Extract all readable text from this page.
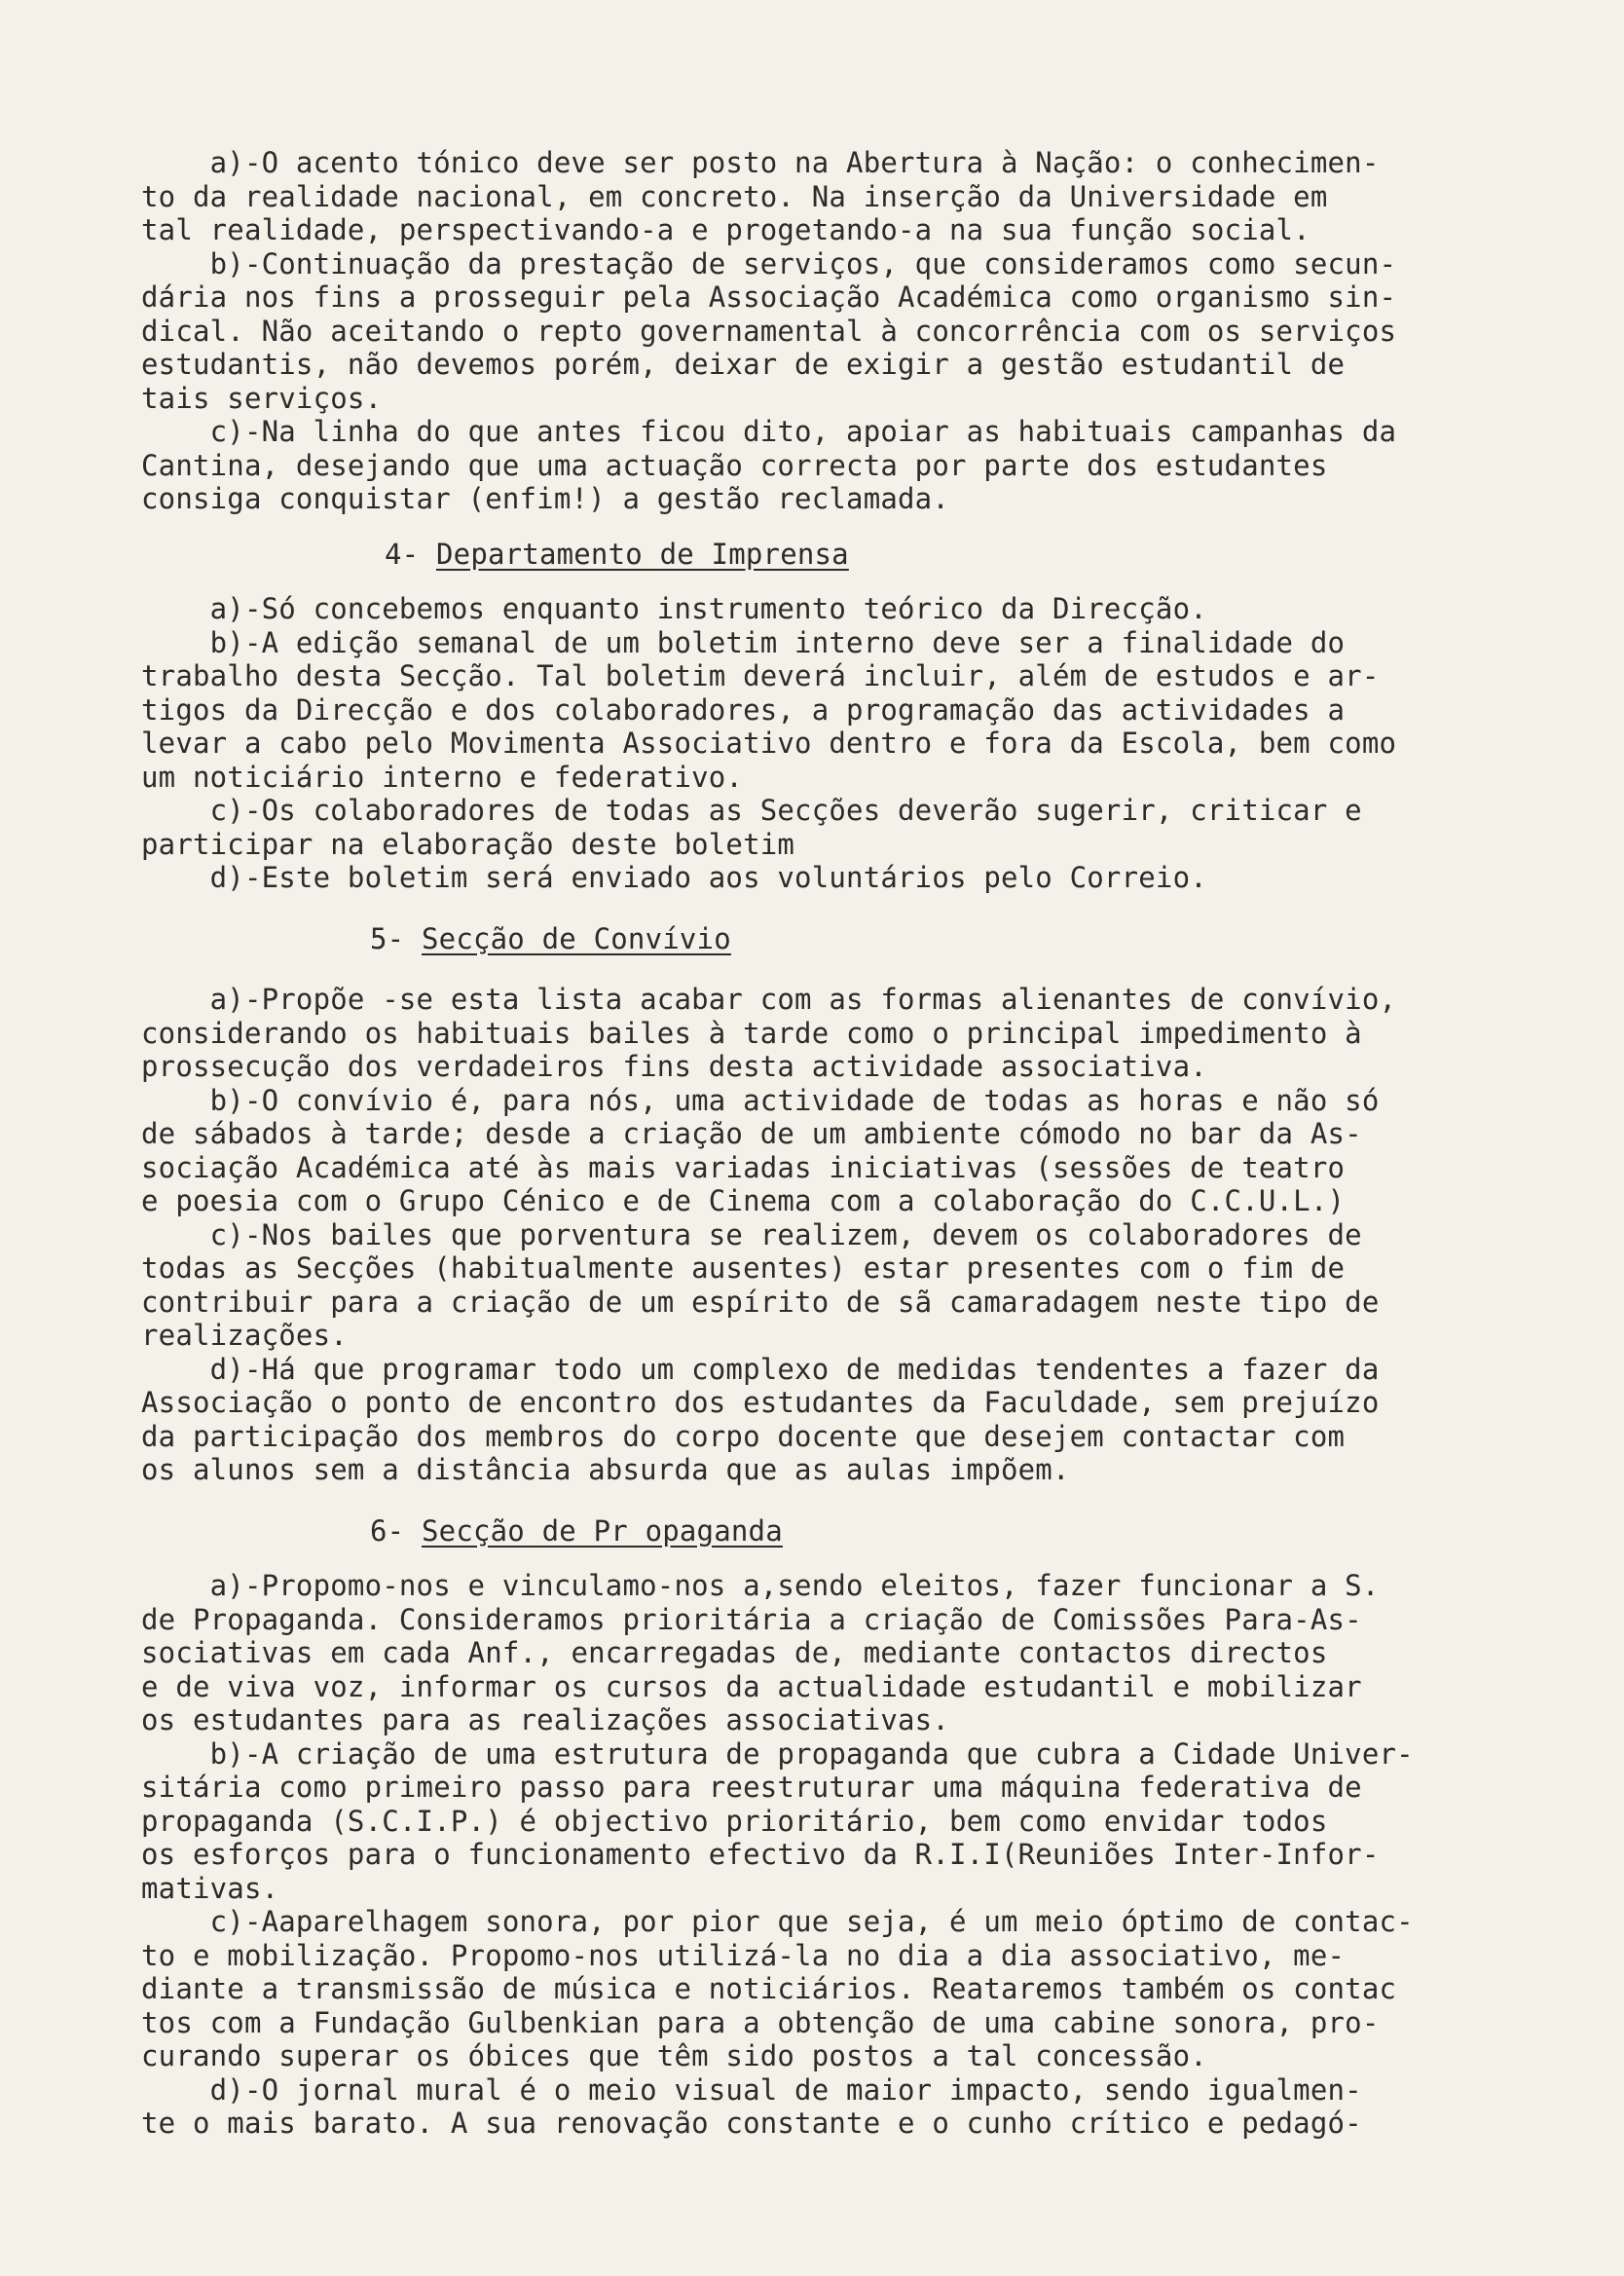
a)-O acento tónico deve ser posto na Abertura à Nação: o conhecimen-

to da realidade nacional, em concreto. Na inserção da Universidade em

tal realidade, perspectivando-a e progetando-a na sua função social.

b)-Continuação da prestação de serviços, que consideramos como secun-

dária nos fins a prosseguir pela Associação Académica como organismo sin-

dical. Não aceitando o repto governamental à concorrência com os serviços

estudantis, não devemos porém, deixar de exigir a gestão estudantil de

tais serviços.

c)-Na linha do que antes ficou dito, apoiar as habituais campanhas da

Cantina, desejando que uma actuação correcta por parte dos estudantes

consiga conquistar (enfim!) a gestão reclamada.

4- Departamento de Imprensa

a)-Só concebemos enquanto instrumento teórico da Direcção.

b)-A edição semanal de um boletim interno deve ser a finalidade do

trabalho desta Secção. Tal boletim deverá incluir, além de estudos e ar-

tigos da Direcção e dos colaboradores, a programação das actividades a

levar a cabo pelo Movimenta Associativo dentro e fora da Escola, bem como

um noticiário interno e federativo.

c)-Os colaboradores de todas as Secções deverão sugerir, criticar e

participar na elaboração deste boletim

d)-Este boletim será enviado aos voluntários pelo Correio.

5- Secção de Convívio

a)-Propõe -se esta lista acabar com as formas alienantes de convívio,

considerando os habituais bailes à tarde como o principal impedimento à

prossecução dos verdadeiros fins desta actividade associativa.

b)-O convívio é, para nós, uma actividade de todas as horas e não só

de sábados à tarde; desde a criação de um ambiente cómodo no bar da As-

sociação Académica até às mais variadas iniciativas (sessões de teatro

e poesia com o Grupo Cénico e de Cinema com a colaboração do C.C.U.L.)

c)-Nos bailes que porventura se realizem, devem os colaboradores de

todas as Secções (habitualmente ausentes) estar presentes com o fim de

contribuir para a criação de um espírito de sã camaradagem neste tipo de

realizações.

d)-Há que programar todo um complexo de medidas tendentes a fazer da

Associação o ponto de encontro dos estudantes da Faculdade, sem prejuízo

da participação dos membros do corpo docente que desejem contactar com

os alunos sem a distância absurda que as aulas impõem.

6- Secção de Pr opaganda

a)-Propomo-nos e vinculamo-nos a,sendo eleitos, fazer funcionar a S.

de Propaganda. Consideramos prioritária a criação de Comissões Para-As-

sociativas em cada Anf., encarregadas de, mediante contactos directos

e de viva voz, informar os cursos da actualidade estudantil e mobilizar

os estudantes para as realizações associativas.

b)-A criação de uma estrutura de propaganda que cubra a Cidade Univer-

sitária como primeiro passo para reestruturar uma máquina federativa de

propaganda (S.C.I.P.) é objectivo prioritário, bem como envidar todos

os esforços para o funcionamento efectivo da R.I.I(Reuniões Inter-Infor-

mativas.

c)-Aaparelhagem sonora, por pior que seja, é um meio óptimo de contac-

to e mobilização. Propomo-nos utilizá-la no dia a dia associativo, me-

diante a transmissão de música e noticiários. Reataremos também os contac

tos com a Fundação Gulbenkian para a obtenção de uma cabine sonora, pro-

curando superar os óbices que têm sido postos a tal concessão.

d)-O jornal mural é o meio visual de maior impacto, sendo igualmen-

te o mais barato. A sua renovação constante e o cunho crítico e pedagó-
